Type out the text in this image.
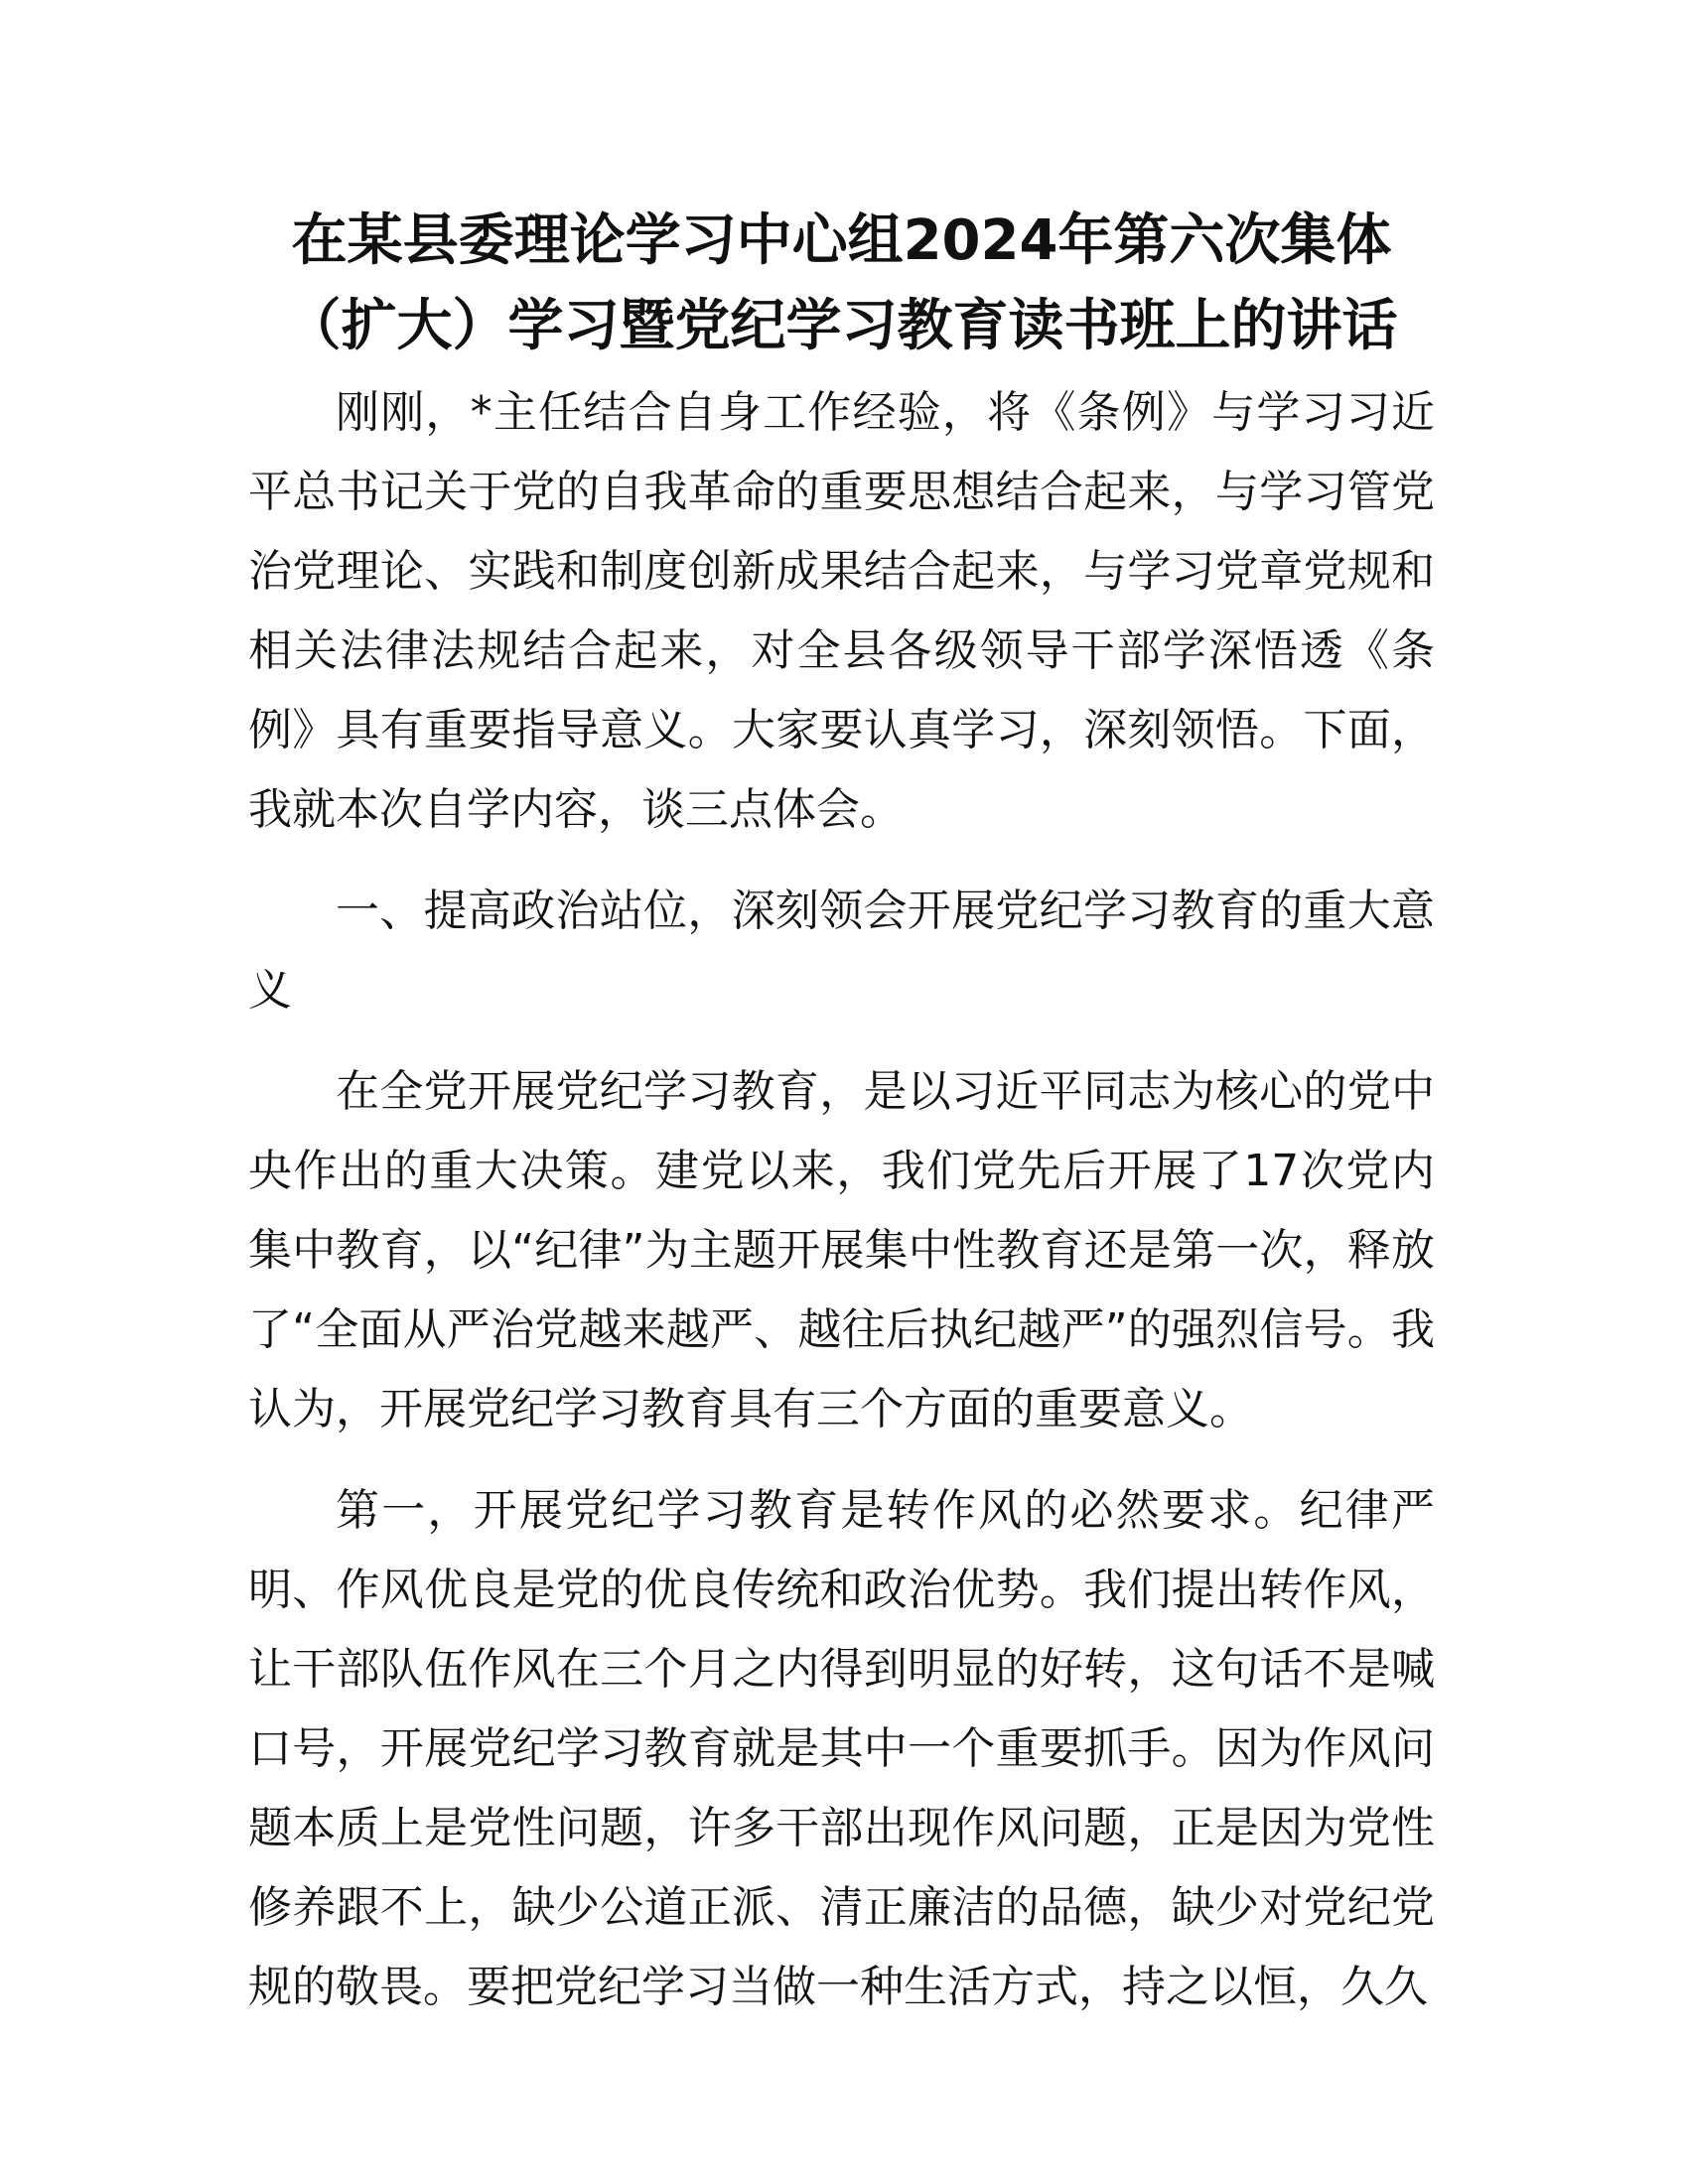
在某县委理论学习中心组2024年第六次集体

（扩大）学习暨党纪学习教育读书班上的讲话

刚刚，*主任结合自身工作经验，将《条例》与学习习近平总书记关于党的自我革命的重要思想结合起来，与学习管党治党理论、实践和制度创新成果结合起来，与学习党章党规和相关法律法规结合起来，对全县各级领导干部学深悟透《条例》具有重要指导意义。大家要认真学习，深刻领悟。下面，我就本次自学内容，谈三点体会。

一、提高政治站位，深刻领会开展党纪学习教育的重大意义

在全党开展党纪学习教育，是以习近平同志为核心的党中央作出的重大决策。建党以来，我们党先后开展了17次党内集中教育，以“纪律”为主题开展集中性教育还是第一次，释放了“全面从严治党越来越严、越往后执纪越严”的强烈信号。我认为，开展党纪学习教育具有三个方面的重要意义。

第一，开展党纪学习教育是转作风的必然要求。纪律严明、作风优良是党的优良传统和政治优势。我们提出转作风，让干部队伍作风在三个月之内得到明显的好转，这句话不是喊口号，开展党纪学习教育就是其中一个重要抓手。因为作风问题本质上是党性问题，许多干部出现作风问题，正是因为党性修养跟不上，缺少公道正派、清正廉洁的品德，缺少对党纪党规的敬畏。要把党纪学习当做一种生活方式，持之以恒，久久
